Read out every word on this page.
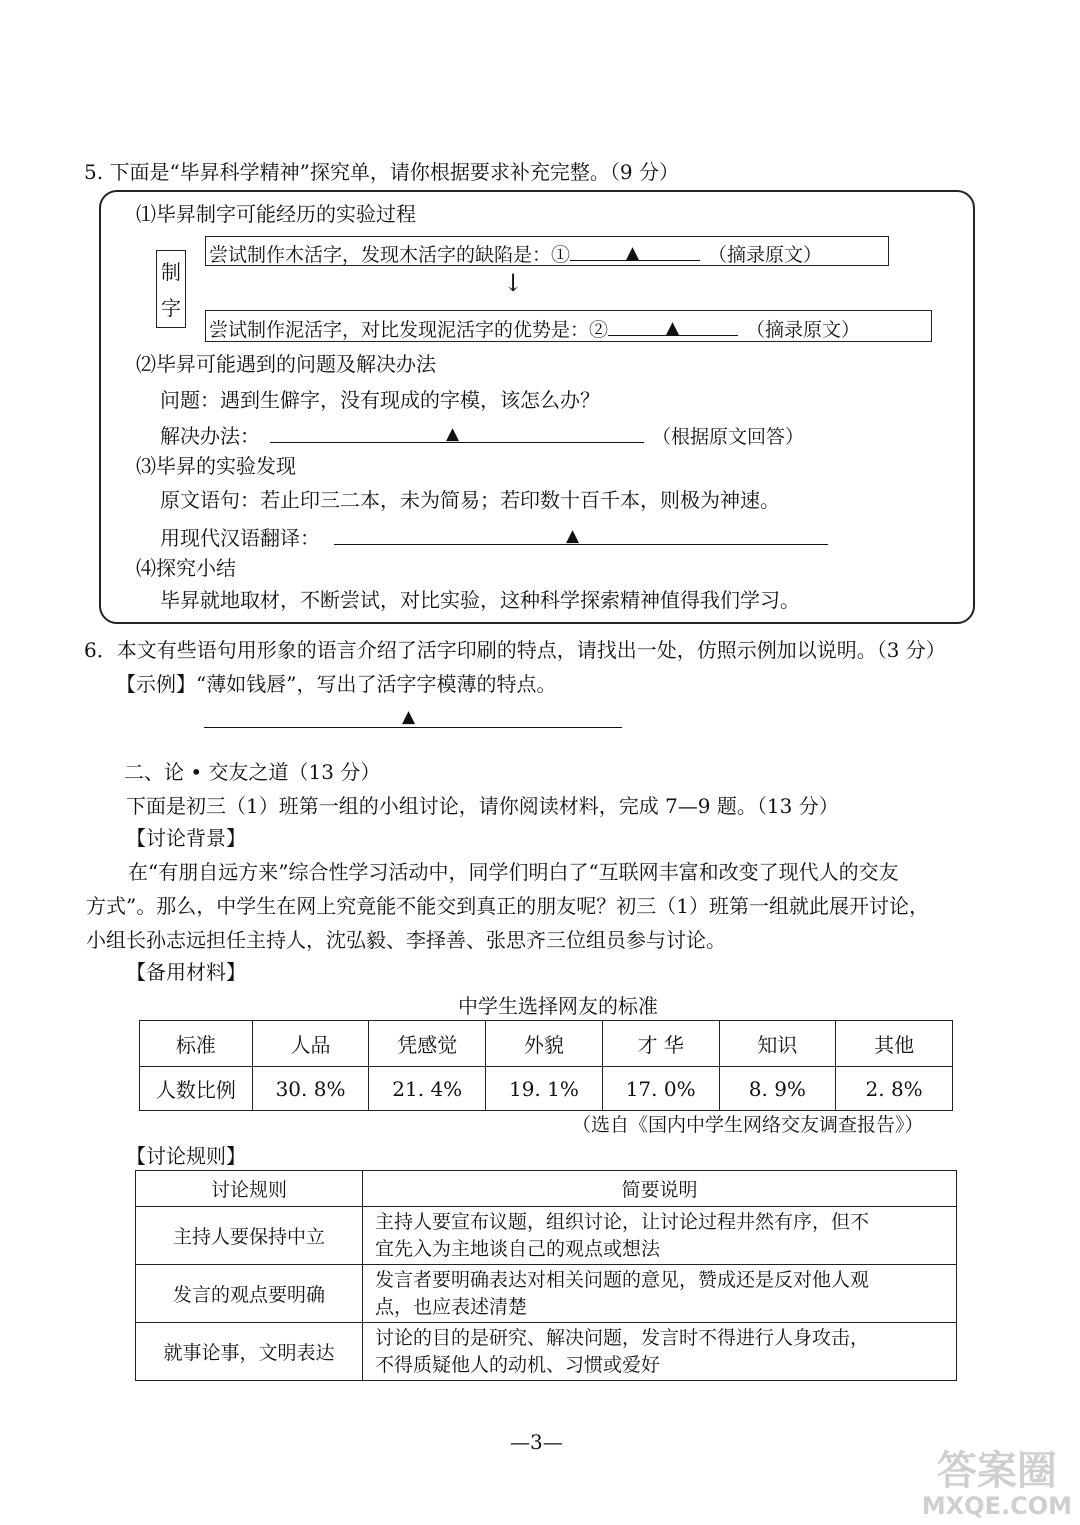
5. 下面是“毕昇科学精神”探究单，请你根据要求补充完整。（9 分）
⑴毕昇制字可能经历的实验过程
制
字
尝试制作木活字，发现木活字的缺陷是：①	▲	（摘录原文）
↓
尝试制作泥活字，对比发现泥活字的优势是：②	▲	（摘录原文）
⑵毕昇可能遇到的问题及解决办法
问题：遇到生僻字，没有现成的字模，该怎么办？
解决办法：	▲	（根据原文回答）
⑶毕昇的实验发现
原文语句：若止印三二本，未为简易；若印数十百千本，则极为神速。
用现代汉语翻译：	▲
⑷探究小结
毕昇就地取材，不断尝试，对比实验，这种科学探索精神值得我们学习。
6．本文有些语句用形象的语言介绍了活字印刷的特点，请找出一处，仿照示例加以说明。（3 分）
【示例】“薄如钱唇”，写出了活字字模薄的特点。
▲
二、论 • 交友之道（13 分）
下面是初三（1）班第一组的小组讨论，请你阅读材料，完成 7—9 题。（13 分）
【讨论背景】
在“有朋自远方来”综合性学习活动中，同学们明白了“互联网丰富和改变了现代人的交友
方式”。那么，中学生在网上究竟能不能交到真正的朋友呢？初三（1）班第一组就此展开讨论，
小组长孙志远担任主持人，沈弘毅、李择善、张思齐三位组员参与讨论。
【备用材料】
中学生选择网友的标准
标准	人品	凭感觉	外貌	才 华	知识	其他
人数比例	30. 8%	21. 4%	19. 1%	17. 0%	8. 9%	2. 8%
（选自《国内中学生网络交友调查报告》）
【讨论规则】
讨论规则	简要说明
主持人要保持中立	主持人要宣布议题，组织讨论，让讨论过程井然有序，但不
宜先入为主地谈自己的观点或想法
发言的观点要明确	发言者要明确表达对相关问题的意见，赞成还是反对他人观
点，也应表述清楚
就事论事，文明表达	讨论的目的是研究、解决问题，发言时不得进行人身攻击，
不得质疑他人的动机、习惯或爱好
—3—
答案圈
MXQE.COM
